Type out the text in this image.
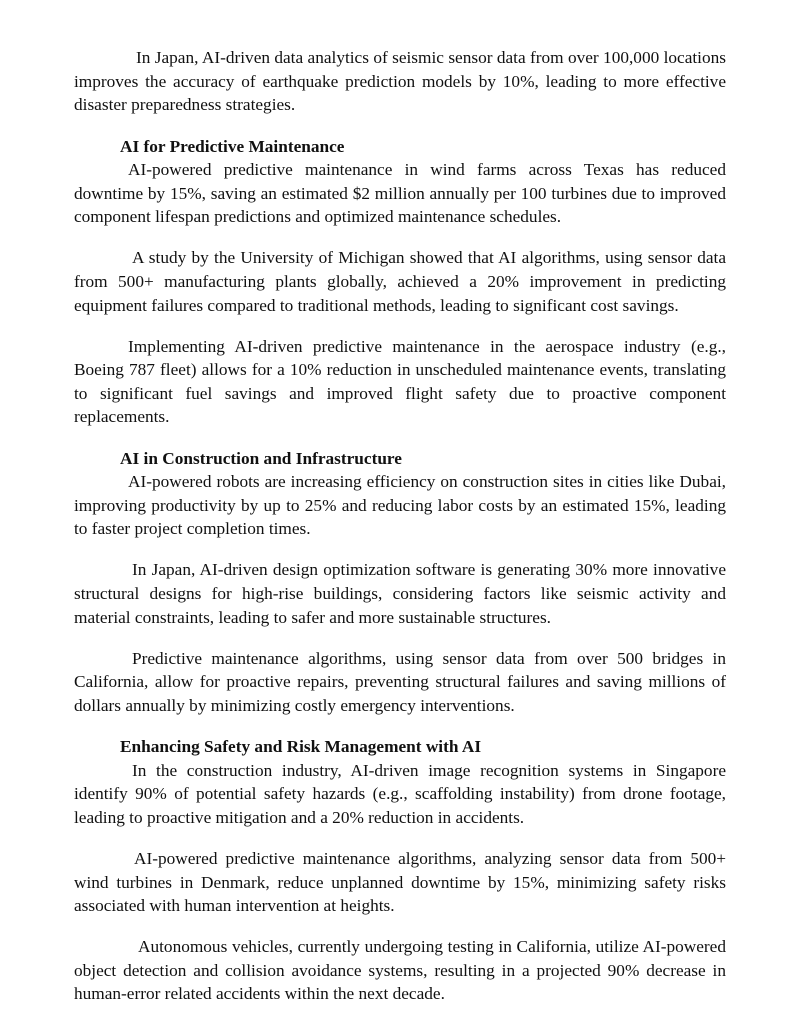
In Japan, AI-driven data analytics of seismic sensor data from over 100,000 locations improves the accuracy of earthquake prediction models by 10%, leading to more effective disaster preparedness strategies.

AI for Predictive Maintenance

AI-powered predictive maintenance in wind farms across Texas has reduced downtime by 15%, saving an estimated $2 million annually per 100 turbines due to improved component lifespan predictions and optimized maintenance schedules.

A study by the University of Michigan showed that AI algorithms, using sensor data from 500+ manufacturing plants globally, achieved a 20% improvement in predicting equipment failures compared to traditional methods, leading to significant cost savings.

Implementing AI-driven predictive maintenance in the aerospace industry (e.g., Boeing 787 fleet) allows for a 10% reduction in unscheduled maintenance events, translating to significant fuel savings and improved flight safety due to proactive component replacements.

AI in Construction and Infrastructure

AI-powered robots are increasing efficiency on construction sites in cities like Dubai, improving productivity by up to 25% and reducing labor costs by an estimated 15%, leading to faster project completion times.

In Japan, AI-driven design optimization software is generating 30% more innovative structural designs for high-rise buildings, considering factors like seismic activity and material constraints, leading to safer and more sustainable structures.

Predictive maintenance algorithms, using sensor data from over 500 bridges in California, allow for proactive repairs, preventing structural failures and saving millions of dollars annually by minimizing costly emergency interventions.

Enhancing Safety and Risk Management with AI

In the construction industry, AI-driven image recognition systems in Singapore identify 90% of potential safety hazards (e.g., scaffolding instability) from drone footage, leading to proactive mitigation and a 20% reduction in accidents.

AI-powered predictive maintenance algorithms, analyzing sensor data from 500+ wind turbines in Denmark, reduce unplanned downtime by 15%, minimizing safety risks associated with human intervention at heights.

Autonomous vehicles, currently undergoing testing in California, utilize AI-powered object detection and collision avoidance systems, resulting in a projected 90% decrease in human-error related accidents within the next decade.
